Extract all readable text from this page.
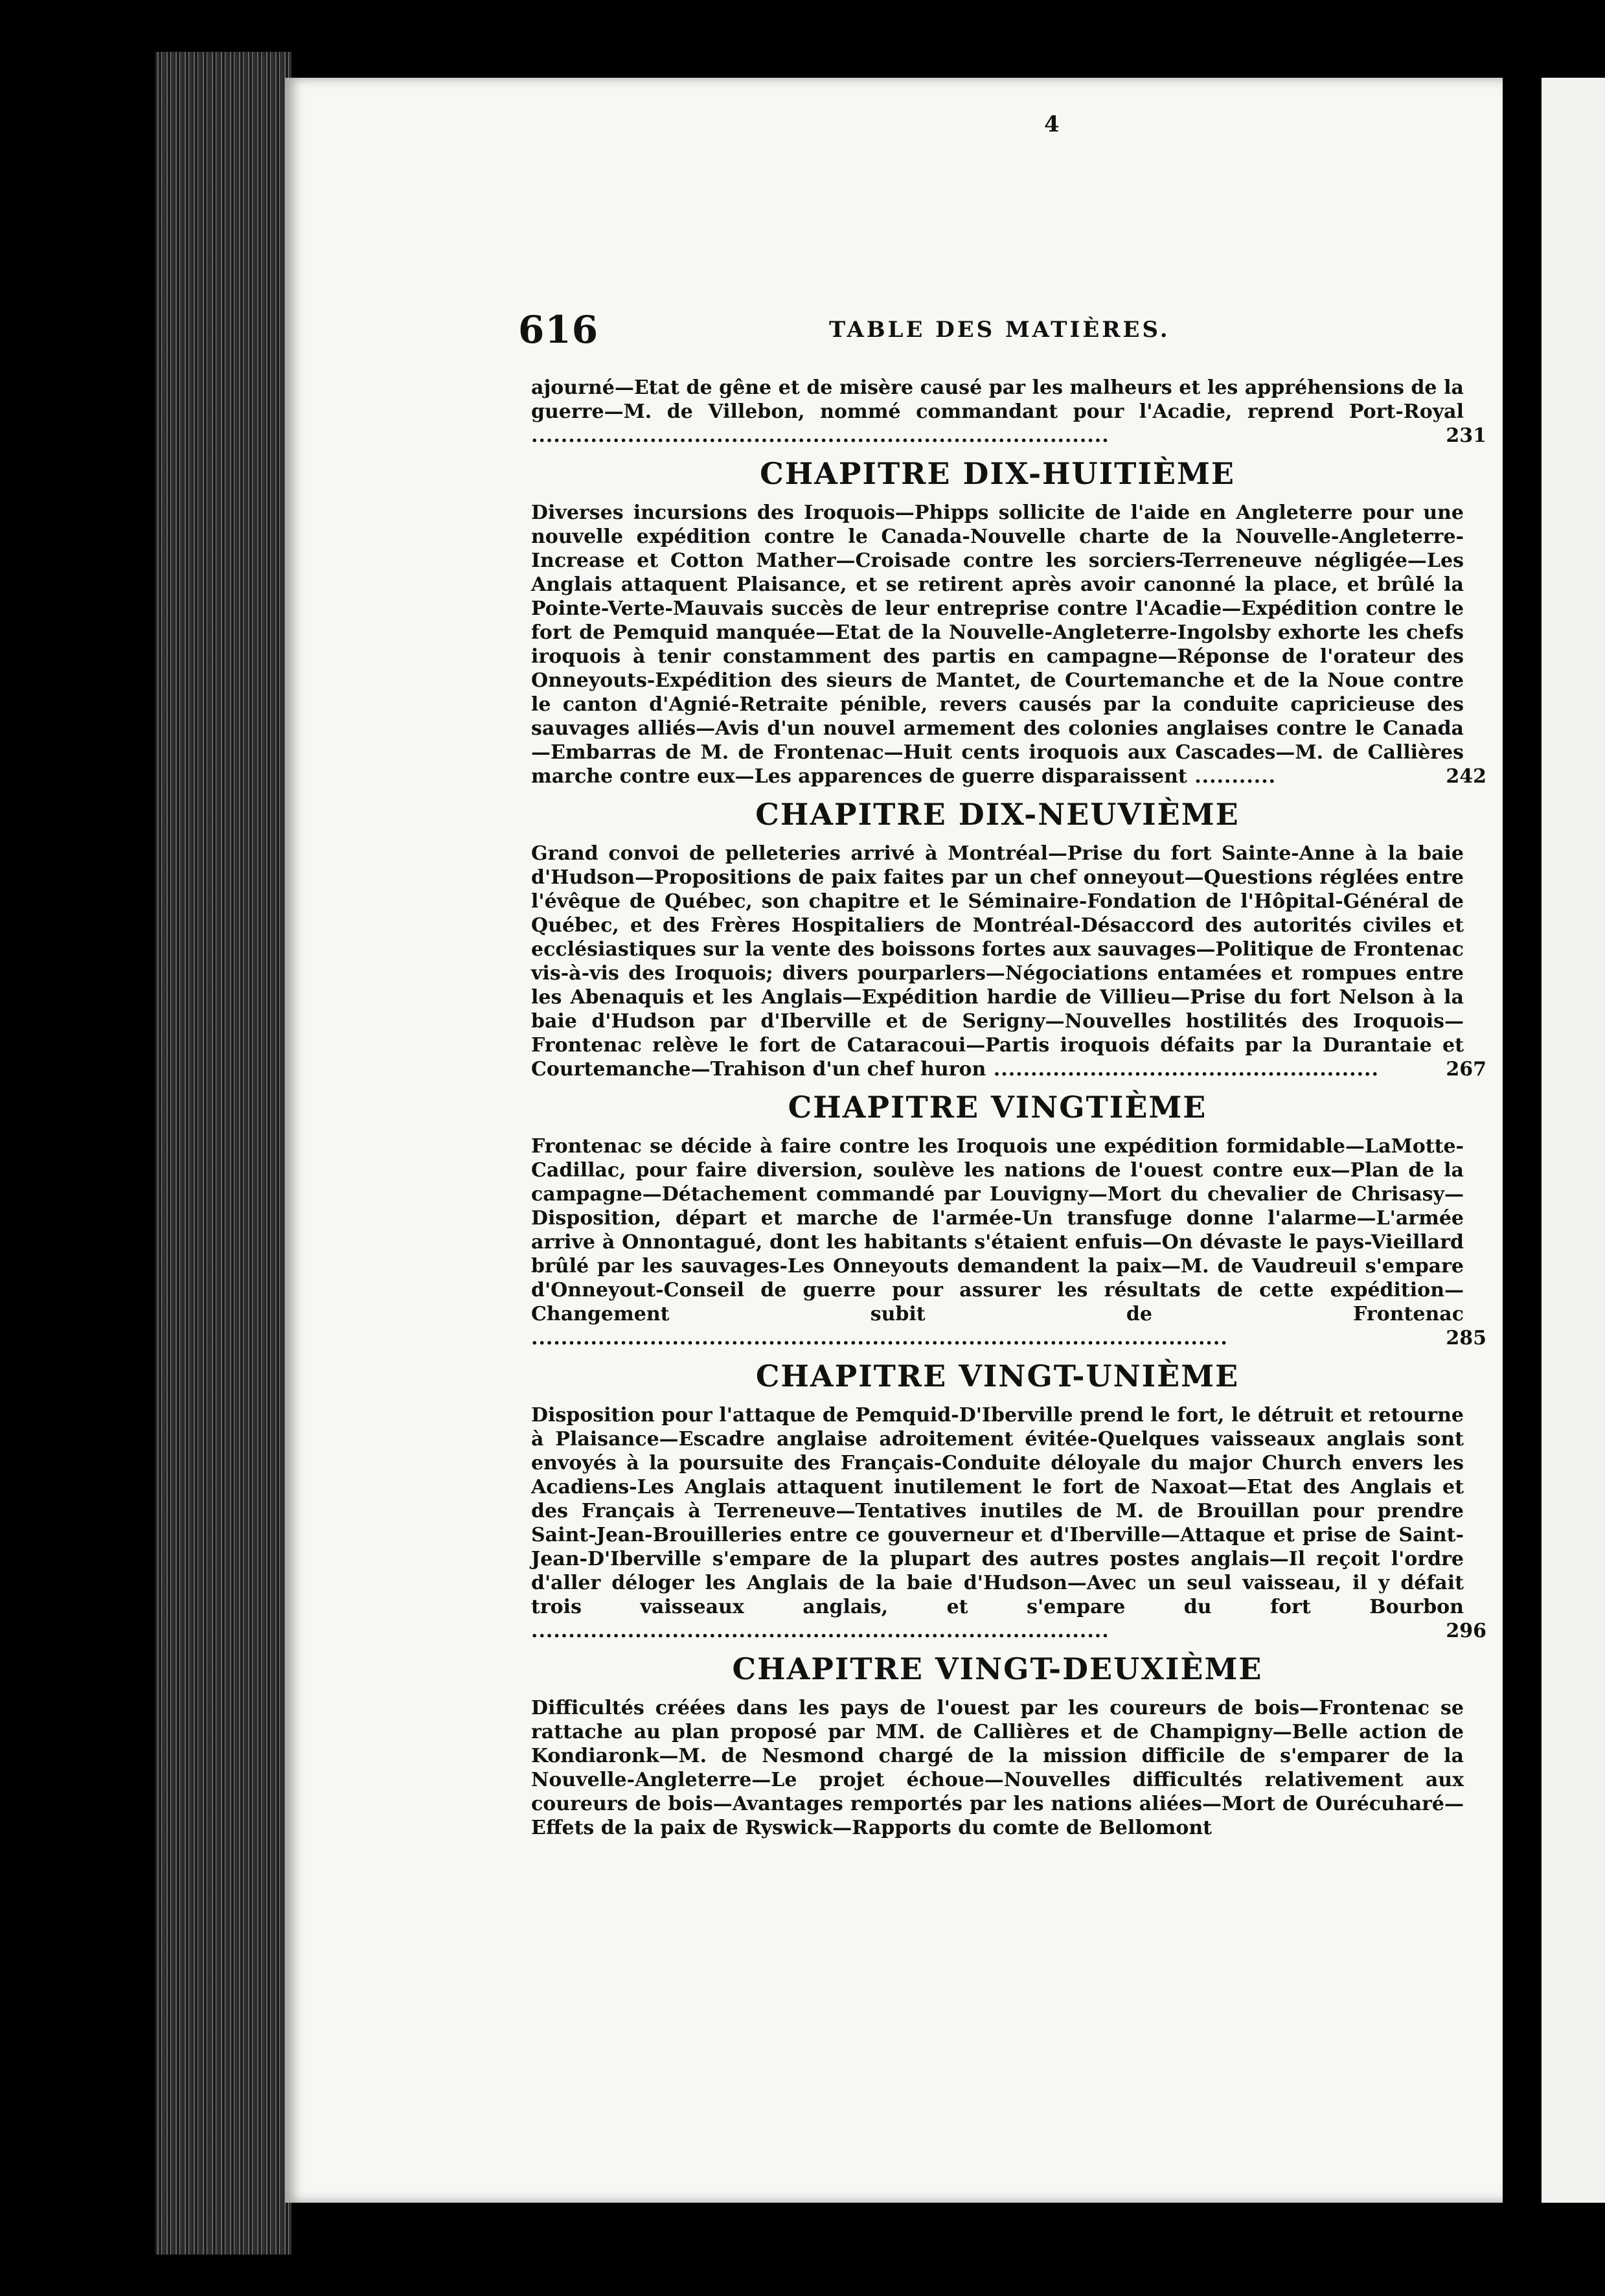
4
616	TABLE DES MATIÈRES.
ajourné—Etat de gêne et de misère causé par les malheurs et les appréhensions de la guerre—M. de Villebon, nommé commandant pour l'Acadie, reprend Port-Royal ..............................................................................	231
CHAPITRE DIX-HUITIÈME
Diverses incursions des Iroquois—Phipps sollicite de l'aide en Angleterre pour une nouvelle expédition contre le Canada-Nouvelle charte de la Nouvelle-Angleterre-Increase et Cotton Mather—Croisade contre les sorciers-Terreneuve négligée—Les Anglais attaquent Plaisance, et se retirent après avoir canonné la place, et brûlé la Pointe-Verte-Mauvais succès de leur entreprise contre l'Acadie—Expédition contre le fort de Pemquid manquée—Etat de la Nouvelle-Angleterre-Ingolsby exhorte les chefs iroquois à tenir constamment des partis en campagne—Réponse de l'orateur des Onneyouts-Expédition des sieurs de Mantet, de Courtemanche et de la Noue contre le canton d'Agnié-Retraite pénible, revers causés par la conduite capricieuse des sauvages alliés—Avis d'un nouvel armement des colonies anglaises contre le Canada—Embarras de M. de Frontenac—Huit cents iroquois aux Cascades—M. de Callières marche contre eux—Les apparences de guerre disparaissent ...........	242
CHAPITRE DIX-NEUVIÈME
Grand convoi de pelleteries arrivé à Montréal—Prise du fort Sainte-Anne à la baie d'Hudson—Propositions de paix faites par un chef onneyout—Questions réglées entre l'évêque de Québec, son chapitre et le Séminaire-Fondation de l'Hôpital-Général de Québec, et des Frères Hospitaliers de Montréal-Désaccord des autorités civiles et ecclésiastiques sur la vente des boissons fortes aux sauvages—Politique de Frontenac vis-à-vis des Iroquois; divers pourparlers—Négociations entamées et rompues entre les Abenaquis et les Anglais—Expédition hardie de Villieu—Prise du fort Nelson à la baie d'Hudson par d'Iberville et de Serigny—Nouvelles hostilités des Iroquois—Frontenac relève le fort de Cataracoui—Partis iroquois défaits par la Durantaie et Courtemanche—Trahison d'un chef huron ....................................................	267
CHAPITRE VINGTIÈME
Frontenac se décide à faire contre les Iroquois une expédition formidable—LaMotte-Cadillac, pour faire diversion, soulève les nations de l'ouest contre eux—Plan de la campagne—Détachement commandé par Louvigny—Mort du chevalier de Chrisasy—Disposition, départ et marche de l'armée-Un transfuge donne l'alarme—L'armée arrive à Onnontagué, dont les habitants s'étaient enfuis—On dévaste le pays-Vieillard brûlé par les sauvages-Les Onneyouts demandent la paix—M. de Vaudreuil s'empare d'Onneyout-Conseil de guerre pour assurer les résultats de cette expédition—Changement subit de Frontenac ..............................................................................................	285
CHAPITRE VINGT-UNIÈME
Disposition pour l'attaque de Pemquid-D'Iberville prend le fort, le détruit et retourne à Plaisance—Escadre anglaise adroitement évitée-Quelques vaisseaux anglais sont envoyés à la poursuite des Français-Conduite déloyale du major Church envers les Acadiens-Les Anglais attaquent inutilement le fort de Naxoat—Etat des Anglais et des Français à Terreneuve—Tentatives inutiles de M. de Brouillan pour prendre Saint-Jean-Brouilleries entre ce gouverneur et d'Iberville—Attaque et prise de Saint-Jean-D'Iberville s'empare de la plupart des autres postes anglais—Il reçoit l'ordre d'aller déloger les Anglais de la baie d'Hudson—Avec un seul vaisseau, il y défait trois vaisseaux anglais, et s'empare du fort Bourbon ..............................................................................	296
CHAPITRE VINGT-DEUXIÈME
Difficultés créées dans les pays de l'ouest par les coureurs de bois—Frontenac se rattache au plan proposé par MM. de Callières et de Champigny—Belle action de Kondiaronk—M. de Nesmond chargé de la mission difficile de s'emparer de la Nouvelle-Angleterre—Le projet échoue—Nouvelles difficultés relativement aux coureurs de bois—Avantages remportés par les nations aliées—Mort de Ourécuharé—Effets de la paix de Ryswick—Rapports du comte de Bellomont
